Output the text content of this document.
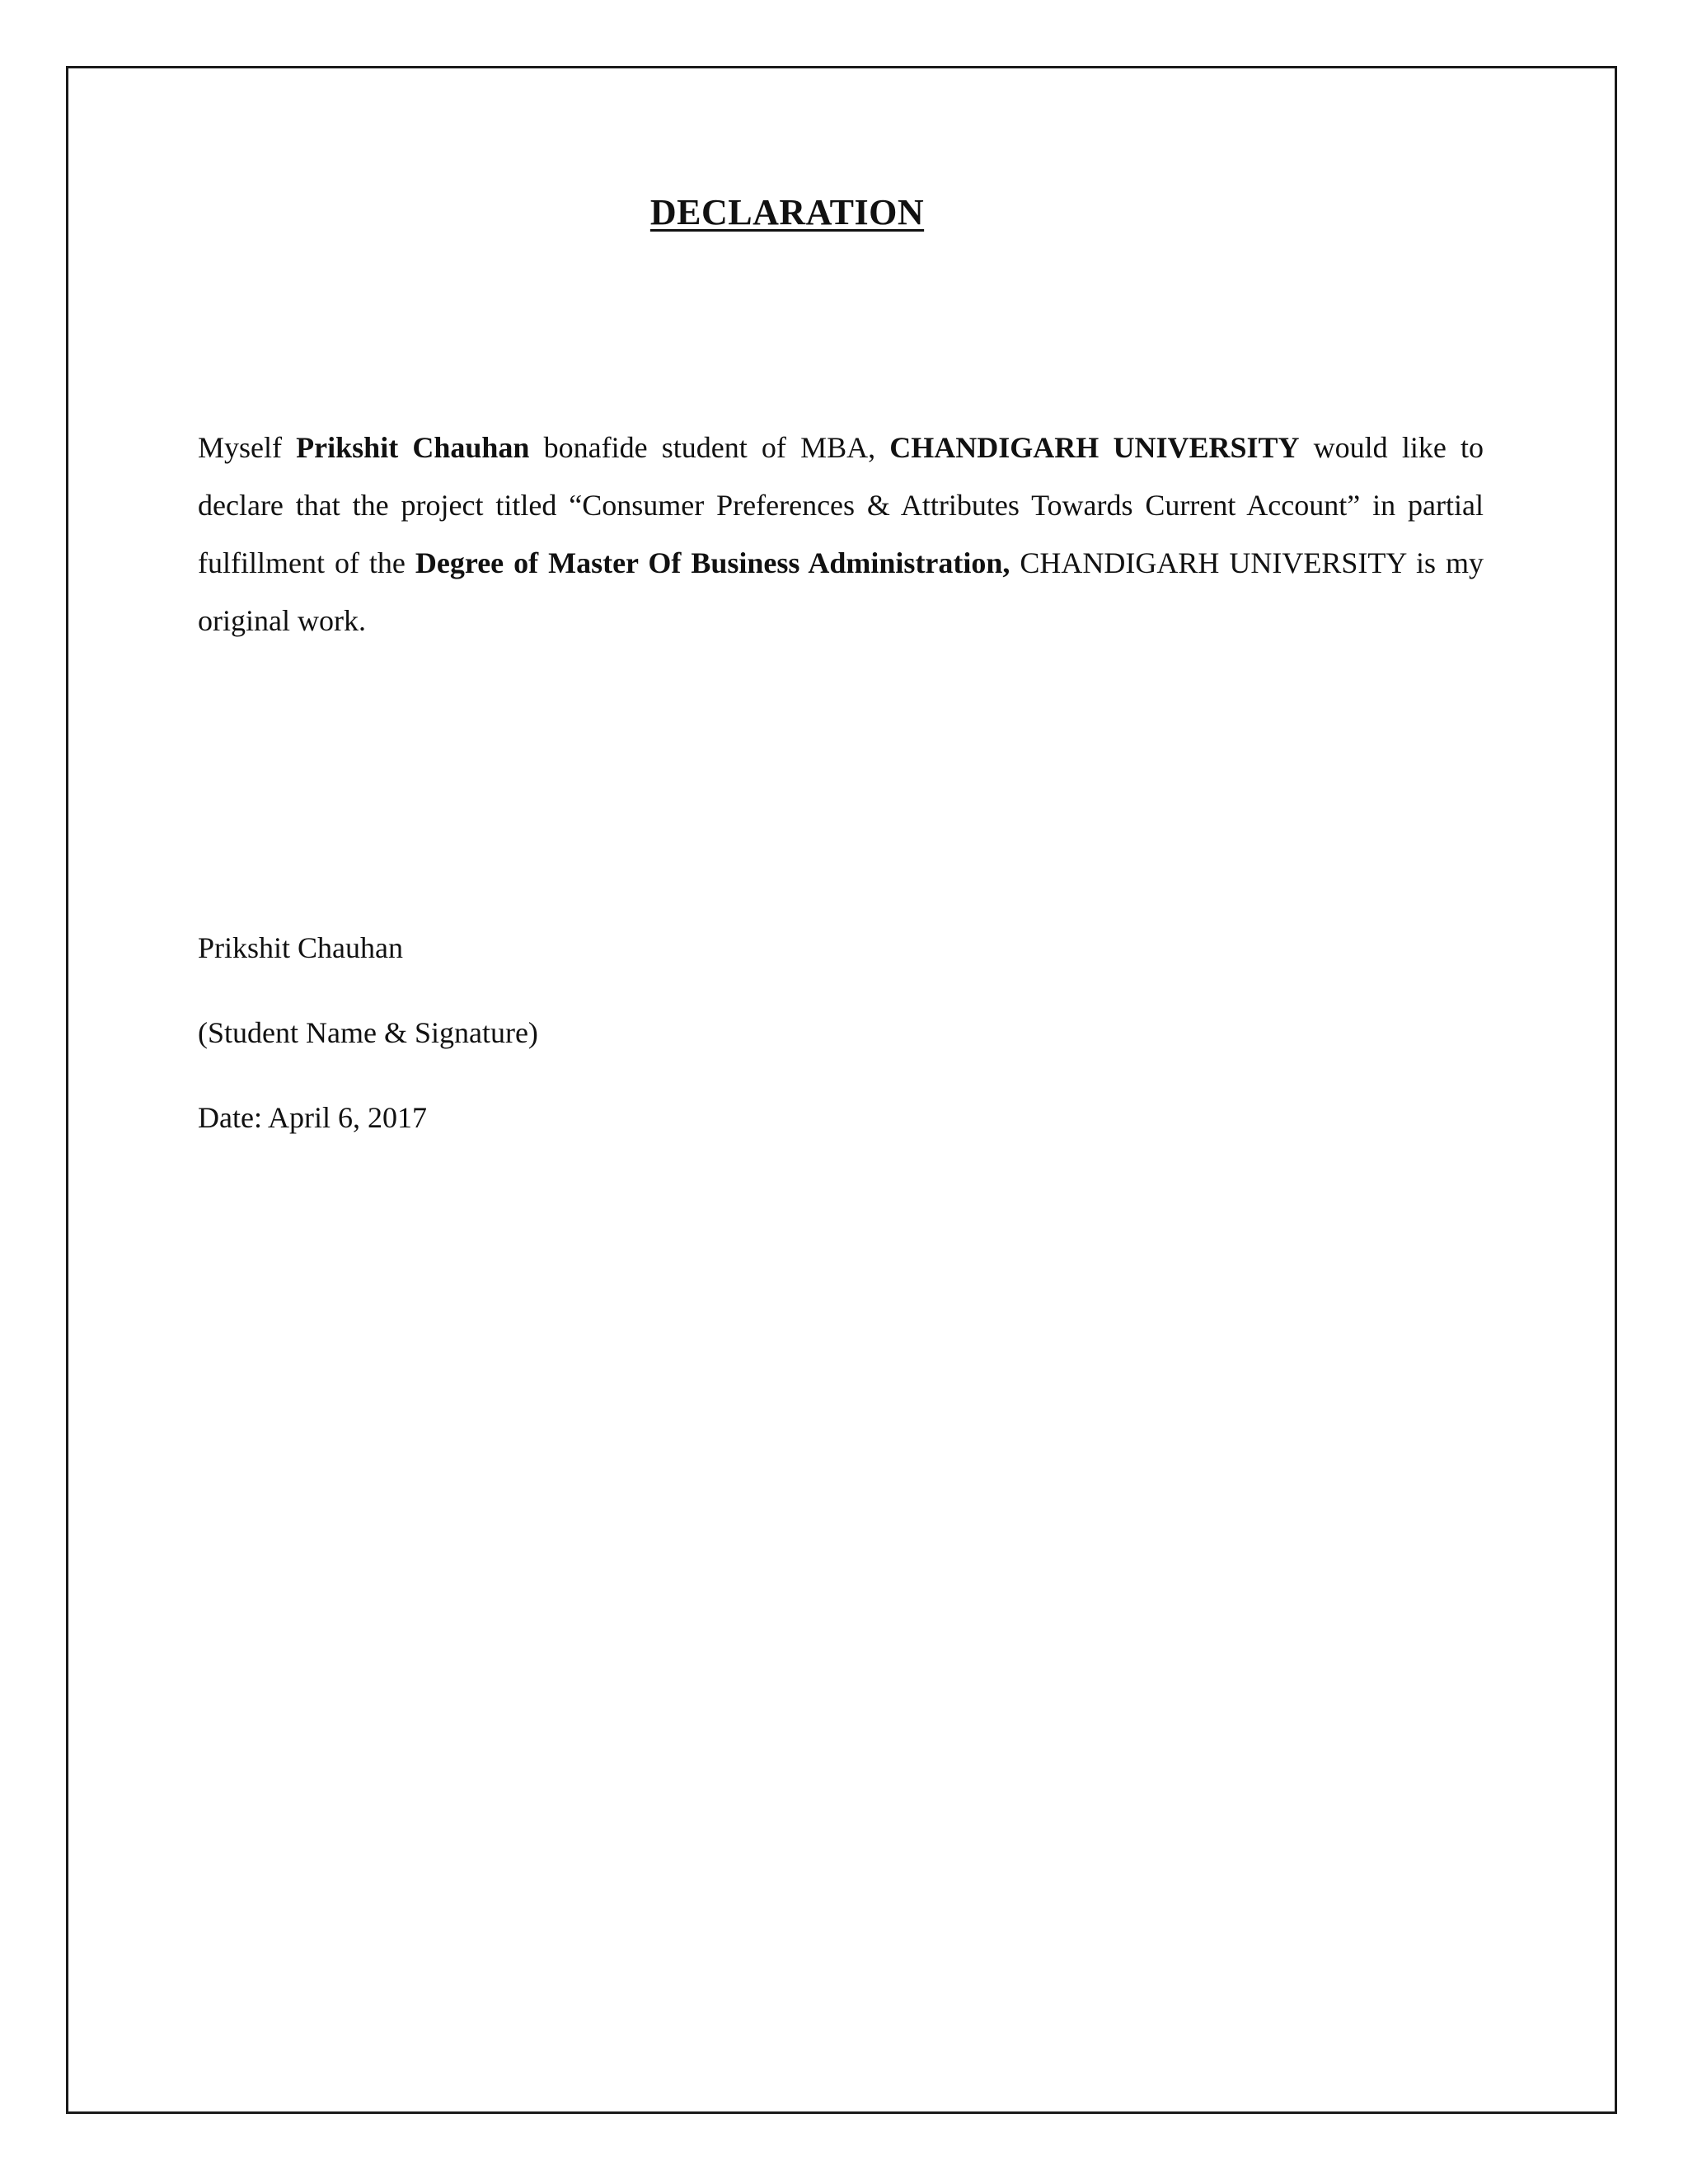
DECLARATION
Myself Prikshit Chauhan bonafide student of MBA, CHANDIGARH UNIVERSITY would like to declare that the project titled “Consumer Preferences & Attributes Towards Current Account” in partial fulfillment of the Degree of Master Of Business Administration, CHANDIGARH UNIVERSITY is my original work.
Prikshit Chauhan
(Student Name & Signature)
Date: April 6, 2017
